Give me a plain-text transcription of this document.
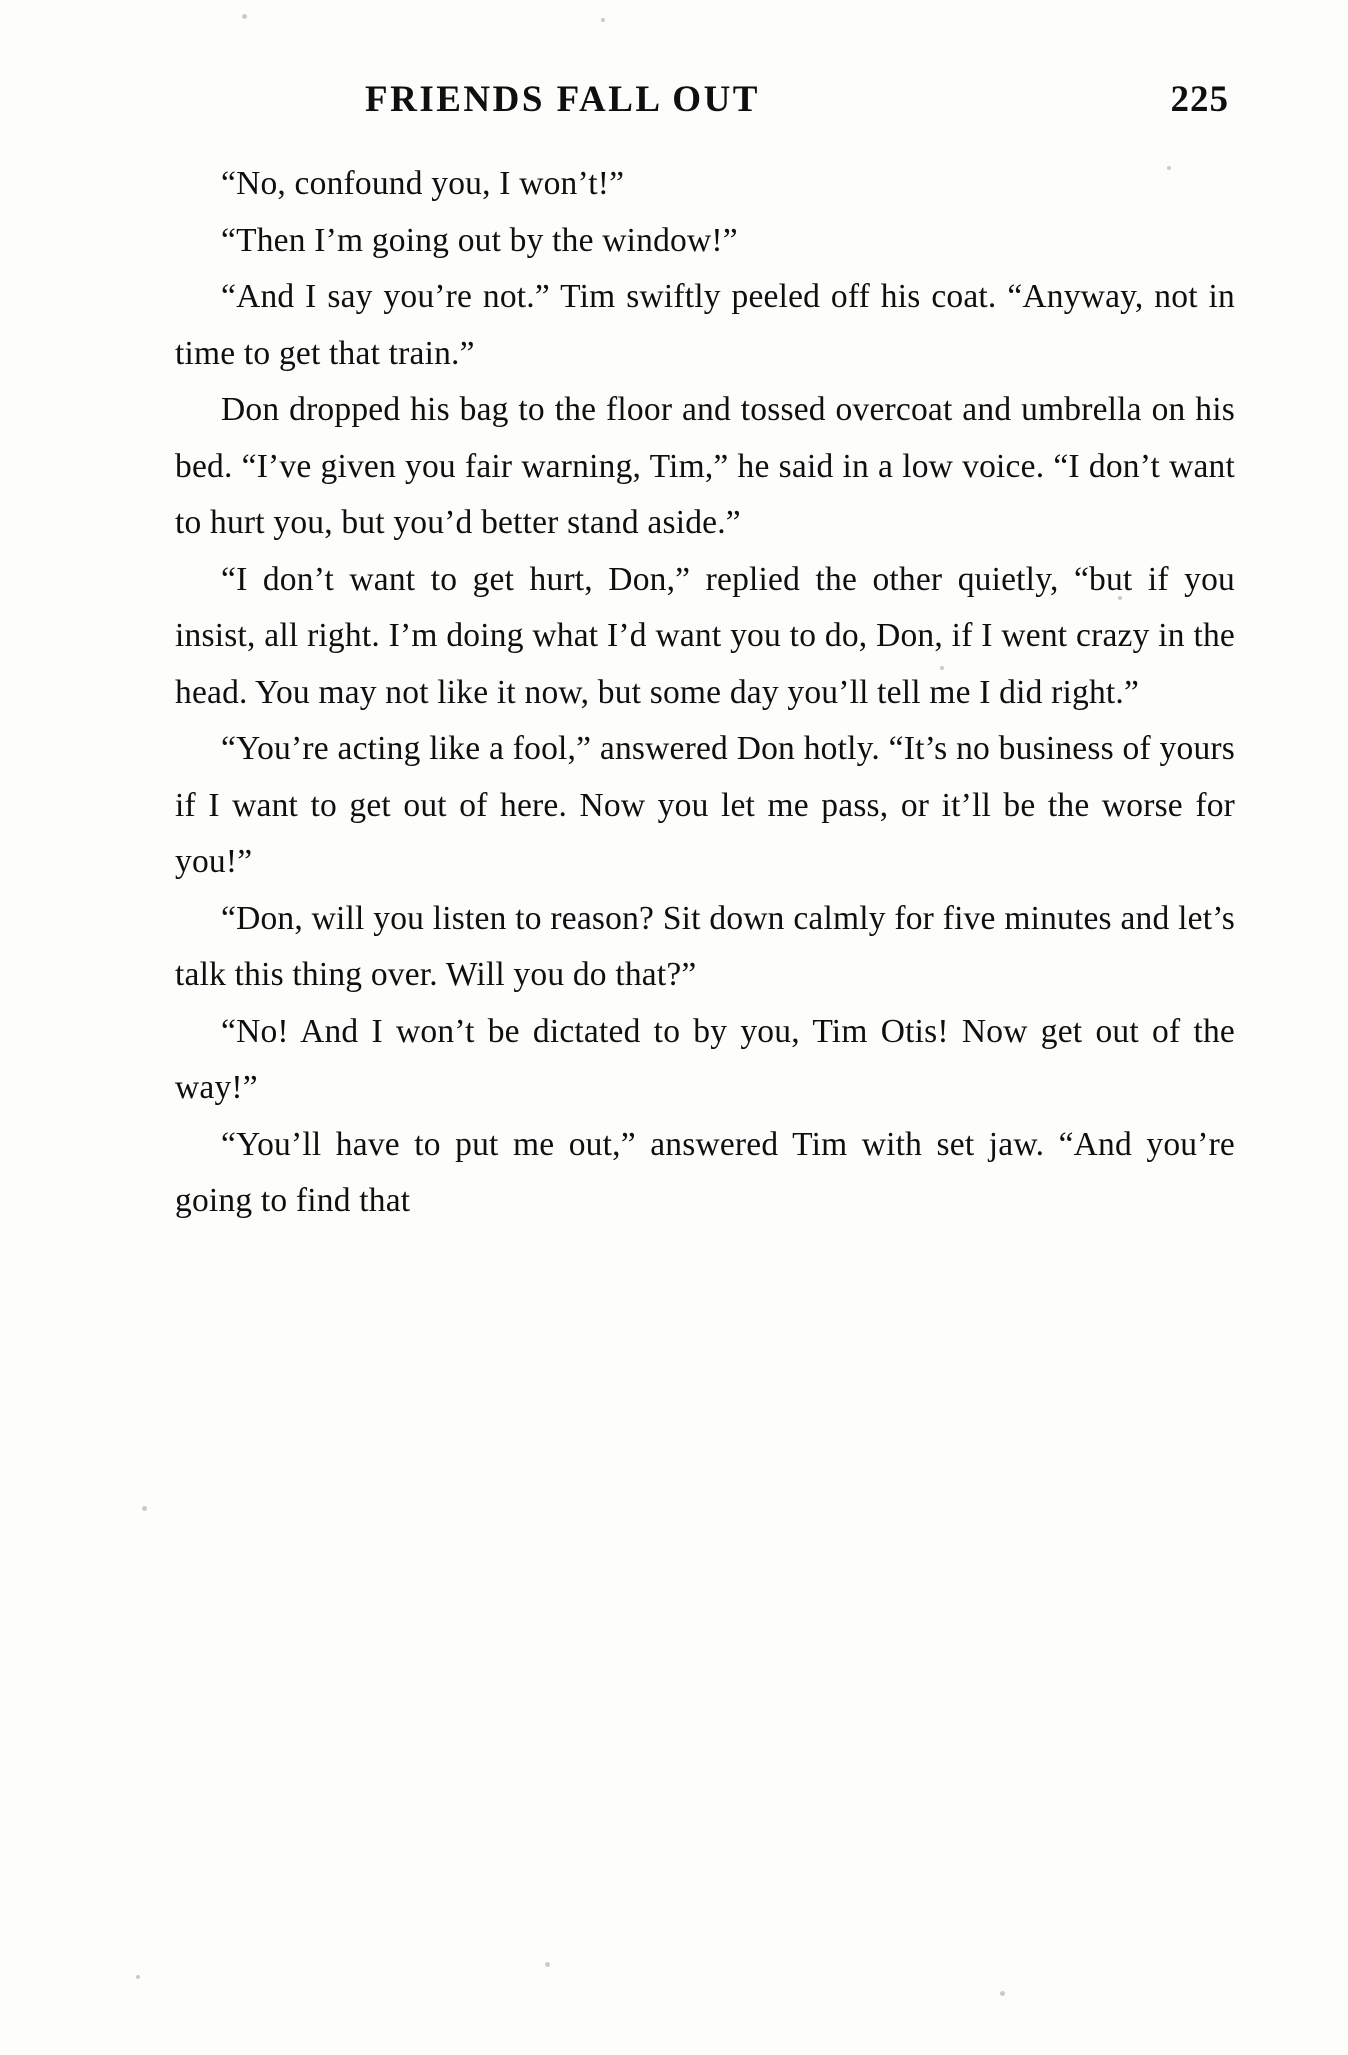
FRIENDS FALL OUT	225

“No, confound you, I won’t!”

“Then I’m going out by the window!”

“And I say you’re not.” Tim swiftly peeled off his coat. “Anyway, not in time to get that train.”

Don dropped his bag to the floor and tossed overcoat and umbrella on his bed. “I’ve given you fair warning, Tim,” he said in a low voice. “I don’t want to hurt you, but you’d better stand aside.”

“I don’t want to get hurt, Don,” replied the other quietly, “but if you insist, all right. I’m doing what I’d want you to do, Don, if I went crazy in the head. You may not like it now, but some day you’ll tell me I did right.”

“You’re acting like a fool,” answered Don hotly. “It’s no business of yours if I want to get out of here. Now you let me pass, or it’ll be the worse for you!”

“Don, will you listen to reason? Sit down calmly for five minutes and let’s talk this thing over. Will you do that?”

“No! And I won’t be dictated to by you, Tim Otis! Now get out of the way!”

“You’ll have to put me out,” answered Tim with set jaw. “And you’re going to find that
